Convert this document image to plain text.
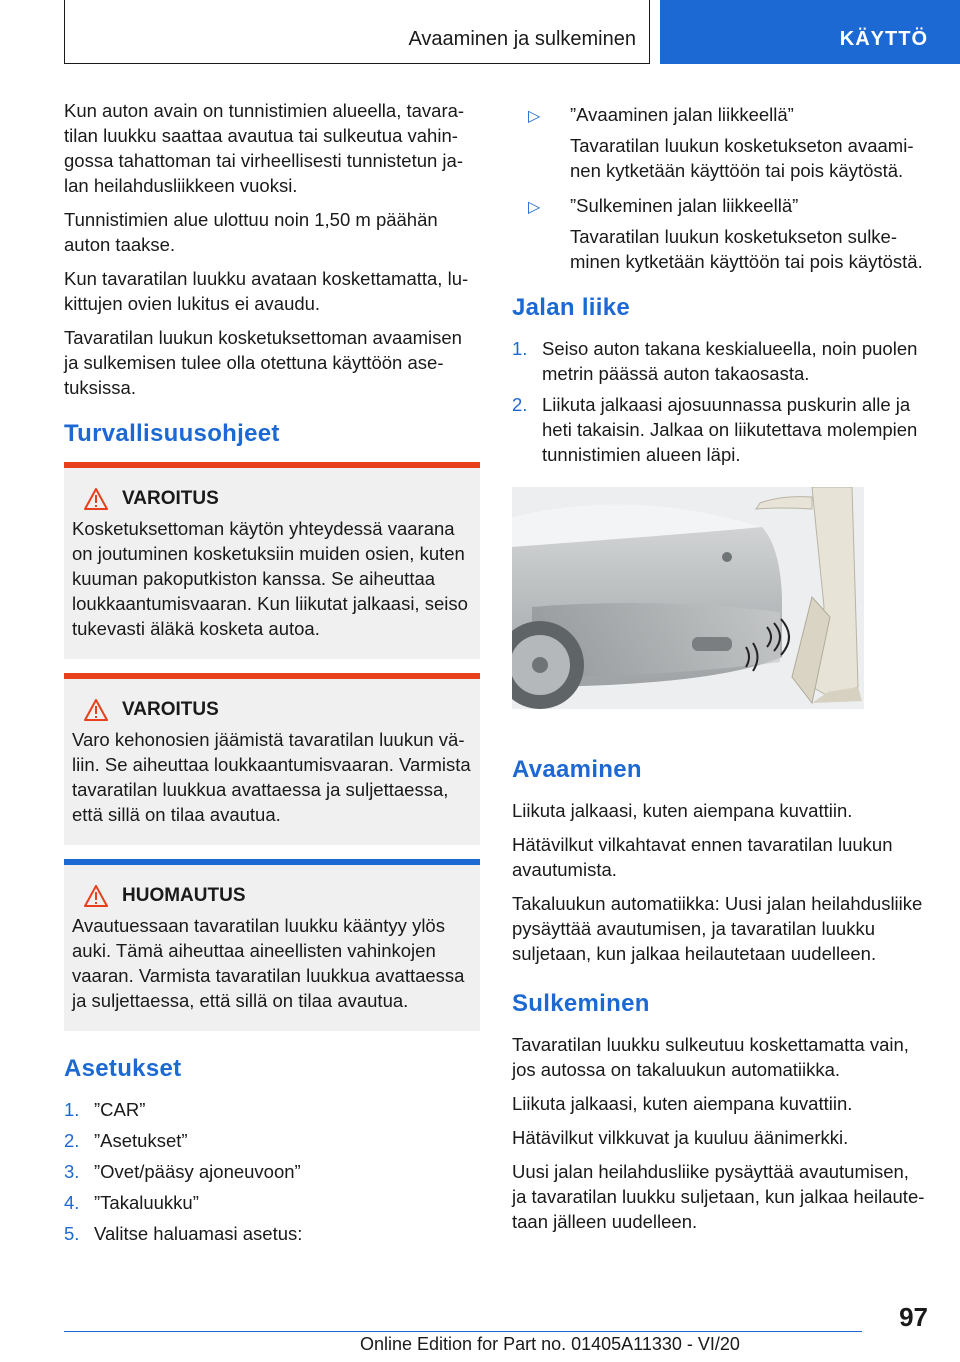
Avaaminen ja sulkeminen	KÄYTTÖ

Kun auton avain on tunnistimien alueella, tavaratilan luukku saattaa avautua tai sulkeutua vahingossa tahattoman tai virheellisesti tunnistetun jalan heilahdusliikkeen vuoksi.

Tunnistimien alue ulottuu noin 1,50 m päähän auton taakse.

Kun tavaratilan luukku avataan koskettamatta, lukittujen ovien lukitus ei avaudu.

Tavaratilan luukun kosketuksettoman avaamisen ja sulkemisen tulee olla otettuna käyttöön asetuksissa.

Turvallisuusohjeet
VAROITUS

Kosketuksettoman käytön yhteydessä vaarana on joutuminen kosketuksiin muiden osien, kuten kuuman pakoputkiston kanssa. Se aiheuttaa loukkaantumisvaaran. Kun liikutat jalkaasi, seiso tukevasti äläkä kosketa autoa.

VAROITUS

Varo kehonosien jäämistä tavaratilan luukun väliin. Se aiheuttaa loukkaantumisvaaran. Varmista tavaratilan luukkua avattaessa ja suljettaessa, että sillä on tilaa avautua.

HUOMAUTUS

Avautuessaan tavaratilan luukku kääntyy ylös auki. Tämä aiheuttaa aineellisten vahinkojen vaaran. Varmista tavaratilan luukkua avattaessa ja suljettaessa, että sillä on tilaa avautua.

Asetukset
1. ”CAR”
2. ”Asetukset”
3. ”Ovet/pääsy ajoneuvoon”
4. ”Takaluukku”
5. Valitse haluamasi asetus:
▷ ”Avaaminen jalan liikkeellä”
Tavaratilan luukun kosketukseton avaaminen kytketään käyttöön tai pois käytöstä.
▷ ”Sulkeminen jalan liikkeellä”
Tavaratilan luukun kosketukseton sulkeminen kytketään käyttöön tai pois käytöstä.
Jalan liike
1. Seiso auton takana keskialueella, noin puolen metrin päässä auton takaosasta.
2. Liikuta jalkaasi ajosuunnassa puskurin alle ja heti takaisin. Jalkaa on liikutettava molempien tunnistimien alueen läpi.
Avaaminen

Liikuta jalkaasi, kuten aiempana kuvattiin.

Hätävilkut vilkahtavat ennen tavaratilan luukun avautumista.

Takaluukun automatiikka: Uusi jalan heilahdusliike pysäyttää avautumisen, ja tavaratilan luukku suljetaan, kun jalkaa heilautetaan uudelleen.

Sulkeminen

Tavaratilan luukku sulkeutuu koskettamatta vain, jos autossa on takaluukun automatiikka.

Liikuta jalkaasi, kuten aiempana kuvattiin.

Hätävilkut vilkkuvat ja kuuluu äänimerkki.

Uusi jalan heilahdusliike pysäyttää avautumisen, ja tavaratilan luukku suljetaan, kun jalkaa heilautetaan jälleen uudelleen.

97
Online Edition for Part no. 01405A11330 - VI/20
